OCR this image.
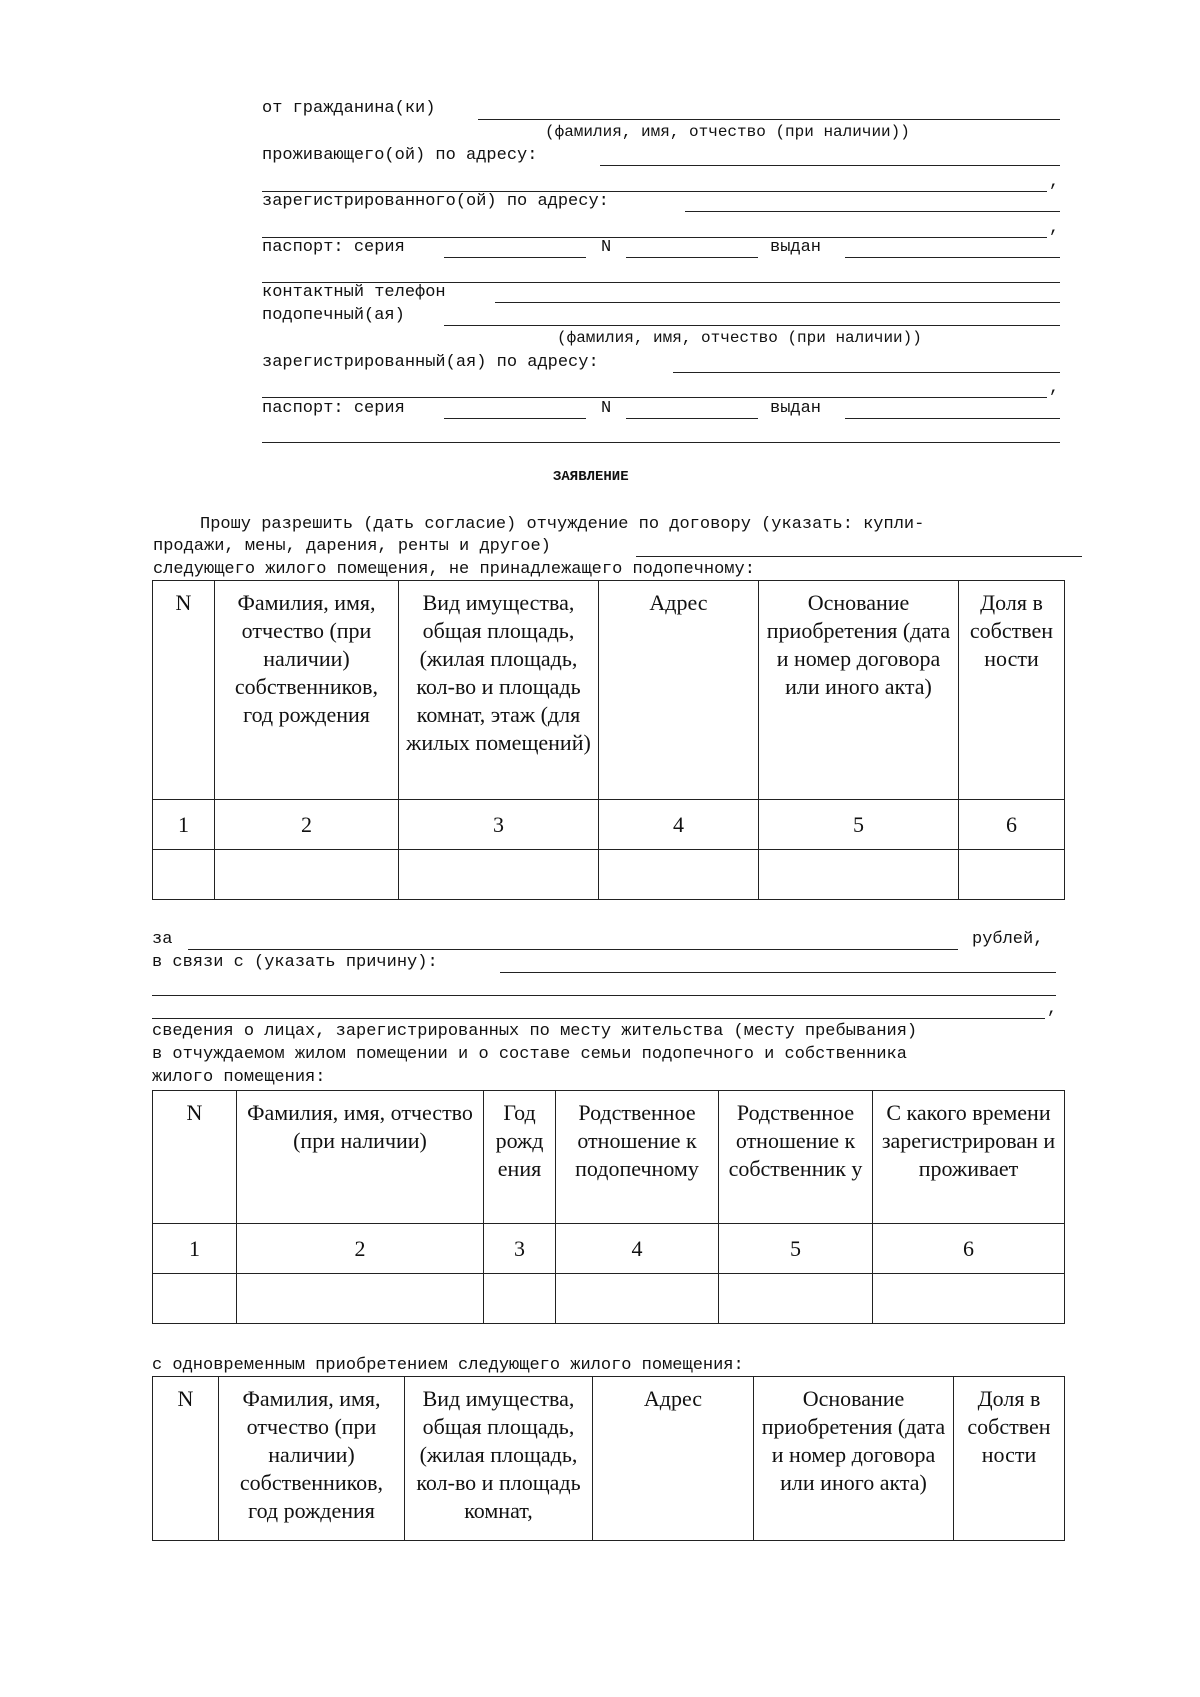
от гражданина(ки)
(фамилия, имя, отчество (при наличии))
проживающего(ой) по адресу:
,
зарегистрированного(ой) по адресу:
,
паспорт: серия	N	выдан
контактный телефон
подопечный(ая)
(фамилия, имя, отчество (при наличии))
зарегистрированный(ая) по адресу:
,
паспорт: серия	N	выдан
ЗАЯВЛЕНИЕ
Прошу разрешить (дать согласие) отчуждение по договору (указать: купли-
продажи, мены, дарения, ренты и другое)
следующего жилого помещения, не принадлежащего подопечному:
N	Фамилия, имя, отчество (при наличии) собственников, год рождения	Вид имущества, общая площадь, (жилая площадь, кол-во и площадь комнат, этаж (для жилых помещений)	Адрес	Основание приобретения (дата и номер договора или иного акта)	Доля в собствен ности
1	2	3	4	5	6

за	рублей,
в связи с (указать причину):
,
сведения о лицах, зарегистрированных по месту жительства (месту пребывания)
в отчуждаемом жилом помещении и о составе семьи подопечного и собственника
жилого помещения:
N	Фамилия, имя, отчество (при наличии)	Год рожд ения	Родственное отношение к подопечному	Родственное отношение к собственник у	С какого времени зарегистрирован и проживает
1	2	3	4	5	6

с одновременным приобретением следующего жилого помещения:
N	Фамилия, имя, отчество (при наличии) собственников, год рождения	Вид имущества, общая площадь, (жилая площадь, кол-во и площадь комнат,	Адрес	Основание приобретения (дата и номер договора или иного акта)	Доля в собствен ности
